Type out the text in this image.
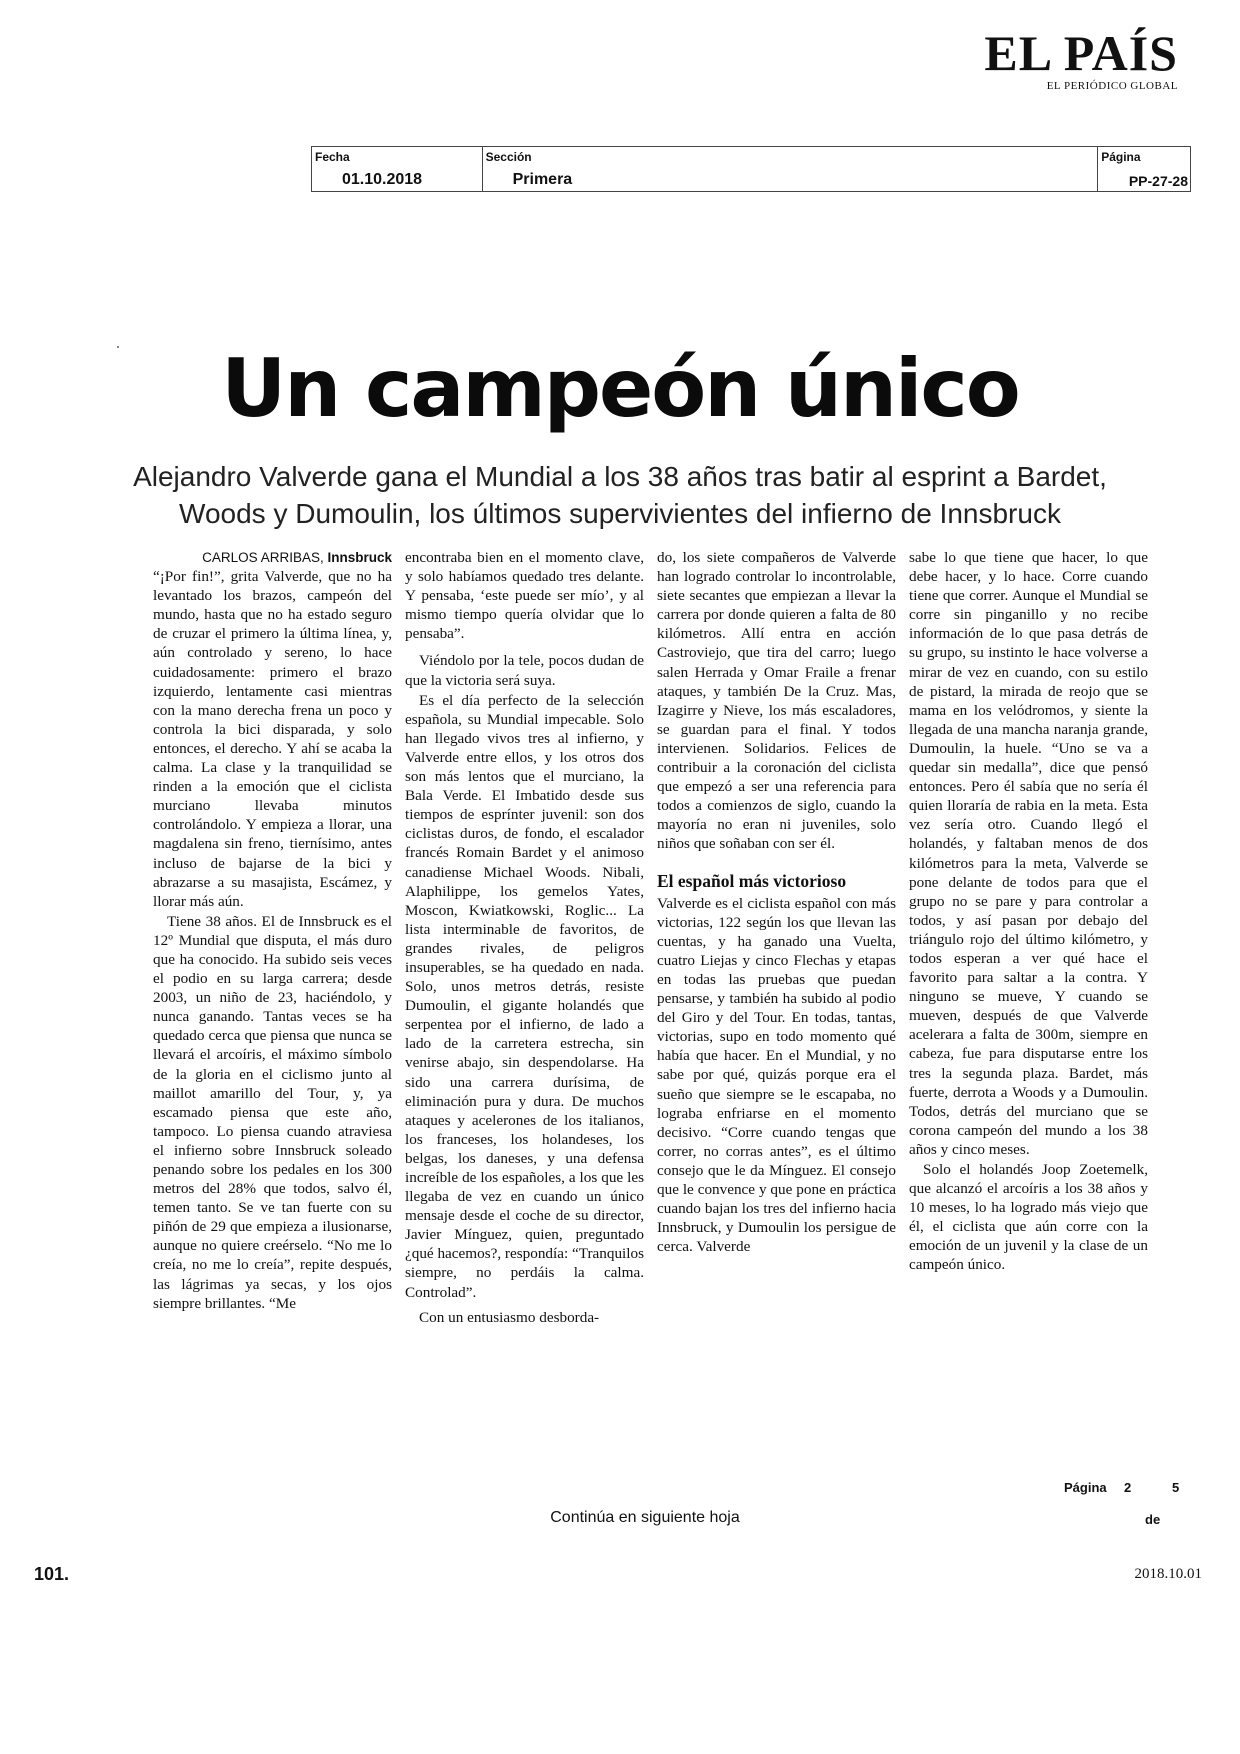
EL PAÍS
EL PERIÓDICO GLOBAL
Fecha
01.10.2018
Sección
Primera
Página
PP-27-28
Un campeón único
Alejandro Valverde gana el Mundial a los 38 años tras batir al esprint a Bardet, Woods y Dumoulin, los últimos supervivientes del infierno de Innsbruck
CARLOS ARRIBAS, Innsbruck

“¡Por fin!”, grita Valverde, que no ha levantado los brazos, campeón del mundo, hasta que no ha estado seguro de cruzar el primero la última línea, y, aún controlado y sereno, lo hace cuidadosamente: primero el brazo izquierdo, lentamente casi mientras con la mano derecha frena un poco y controla la bici disparada, y solo entonces, el derecho. Y ahí se acaba la calma. La clase y la tranquilidad se rinden a la emoción que el ciclista murciano llevaba minutos controlándolo. Y empieza a llorar, una magdalena sin freno, tiernísimo, antes incluso de bajarse de la bici y abrazarse a su masajista, Escámez, y llorar más aún.

Tiene 38 años. El de Innsbruck es el 12º Mundial que disputa, el más duro que ha conocido. Ha subido seis veces el podio en su larga carrera; desde 2003, un niño de 23, haciéndolo, y nunca ganando. Tantas veces se ha quedado cerca que piensa que nunca se llevará el arcoíris, el máximo símbolo de la gloria en el ciclismo junto al maillot amarillo del Tour, y, ya escamado piensa que este año, tampoco. Lo piensa cuando atraviesa el infierno sobre Innsbruck soleado penando sobre los pedales en los 300 metros del 28% que todos, salvo él, temen tanto. Se ve tan fuerte con su piñón de 29 que empieza a ilusionarse, aunque no quiere creérselo. “No me lo creía, no me lo creía”, repite después, las lágrimas ya secas, y los ojos siempre brillantes. “Me

encontraba bien en el momento clave, y solo habíamos quedado tres delante. Y pensaba, ‘este puede ser mío’, y al mismo tiempo quería olvidar que lo pensaba”.

Viéndolo por la tele, pocos dudan de que la victoria será suya.

Es el día perfecto de la selección española, su Mundial impecable. Solo han llegado vivos tres al infierno, y Valverde entre ellos, y los otros dos son más lentos que el murciano, la Bala Verde. El Imbatido desde sus tiempos de esprínter juvenil: son dos ciclistas duros, de fondo, el escalador francés Romain Bardet y el animoso canadiense Michael Woods. Nibali, Alaphilippe, los gemelos Yates, Moscon, Kwiatkowski, Roglic... La lista interminable de favoritos, de grandes rivales, de peligros insuperables, se ha quedado en nada. Solo, unos metros detrás, resiste Dumoulin, el gigante holandés que serpentea por el infierno, de lado a lado de la carretera estrecha, sin venirse abajo, sin despendolarse. Ha sido una carrera durísima, de eliminación pura y dura. De muchos ataques y acelerones de los italianos, los franceses, los holandeses, los belgas, los daneses, y una defensa increíble de los españoles, a los que les llegaba de vez en cuando un único mensaje desde el coche de su director, Javier Mínguez, quien, preguntado ¿qué hacemos?, respondía: “Tranquilos siempre, no perdáis la calma. Controlad”.

Con un entusiasmo desborda-

do, los siete compañeros de Valverde han logrado controlar lo incontrolable, siete secantes que empiezan a llevar la carrera por donde quieren a falta de 80 kilómetros. Allí entra en acción Castroviejo, que tira del carro; luego salen Herrada y Omar Fraile a frenar ataques, y también De la Cruz. Mas, Izagirre y Nieve, los más escaladores, se guardan para el final. Y todos intervienen. Solidarios. Felices de contribuir a la coronación del ciclista que empezó a ser una referencia para todos a comienzos de siglo, cuando la mayoría no eran ni juveniles, solo niños que soñaban con ser él.

El español más victorioso

Valverde es el ciclista español con más victorias, 122 según los que llevan las cuentas, y ha ganado una Vuelta, cuatro Liejas y cinco Flechas y etapas en todas las pruebas que puedan pensarse, y también ha subido al podio del Giro y del Tour. En todas, tantas, victorias, supo en todo momento qué había que hacer. En el Mundial, y no sabe por qué, quizás porque era el sueño que siempre se le escapaba, no lograba enfriarse en el momento decisivo. “Corre cuando tengas que correr, no corras antes”, es el último consejo que le da Mínguez. El consejo que le convence y que pone en práctica cuando bajan los tres del infierno hacia Innsbruck, y Dumoulin los persigue de cerca. Valverde

sabe lo que tiene que hacer, lo que debe hacer, y lo hace. Corre cuando tiene que correr. Aunque el Mundial se corre sin pinganillo y no recibe información de lo que pasa detrás de su grupo, su instinto le hace volverse a mirar de vez en cuando, con su estilo de pistard, la mirada de reojo que se mama en los velódromos, y siente la llegada de una mancha naranja grande, Dumoulin, la huele. “Uno se va a quedar sin medalla”, dice que pensó entonces. Pero él sabía que no sería él quien lloraría de rabia en la meta. Esta vez sería otro. Cuando llegó el holandés, y faltaban menos de dos kilómetros para la meta, Valverde se pone delante de todos para que el grupo no se pare y para controlar a todos, y así pasan por debajo del triángulo rojo del último kilómetro, y todos esperan a ver qué hace el favorito para saltar a la contra. Y ninguno se mueve, Y cuando se mueven, después de que Valverde acelerara a falta de 300m, siempre en cabeza, fue para disputarse entre los tres la segunda plaza. Bardet, más fuerte, derrota a Woods y a Dumoulin. Todos, detrás del murciano que se corona campeón del mundo a los 38 años y cinco meses.

Solo el holandés Joop Zoetemelk, que alcanzó el arcoíris a los 38 años y 10 meses, lo ha logrado más viejo que él, el ciclista que aún corre con la emoción de un juvenil y la clase de un campeón único.

Página 2	5
de
Continúa en siguiente hoja
101.	2018.10.01
